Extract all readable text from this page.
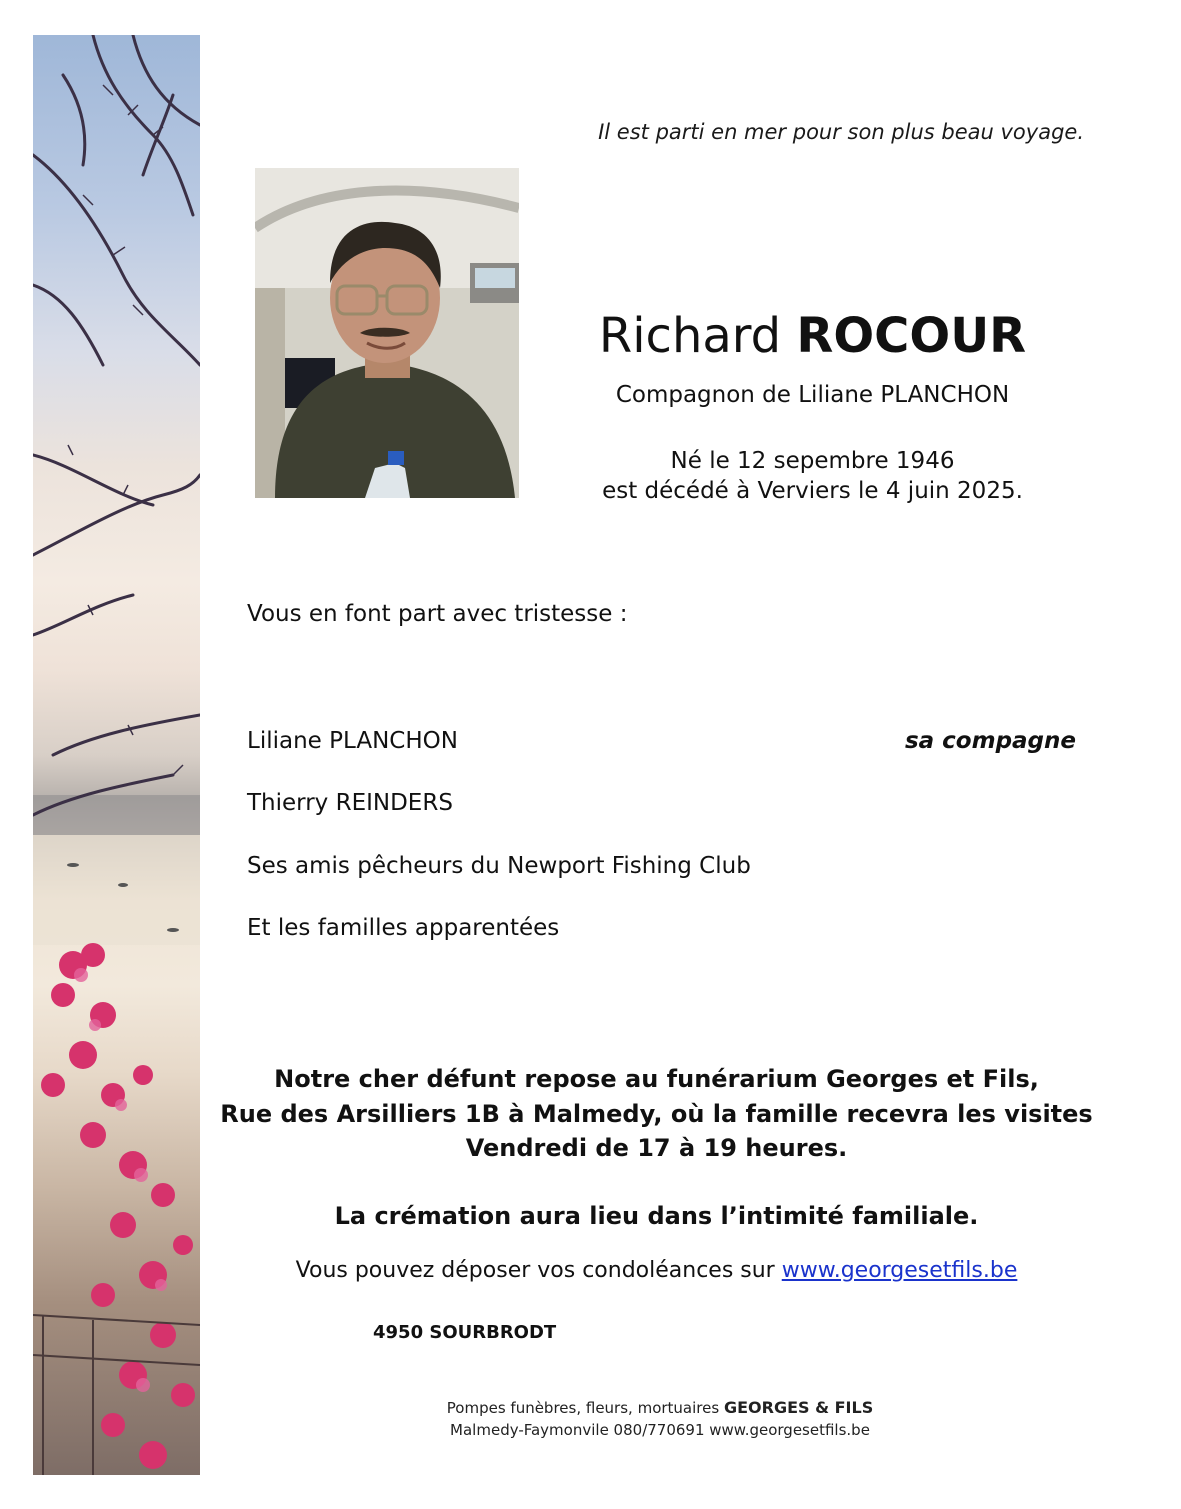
Il est parti en mer pour son plus beau voyage.
Richard ROCOUR
Compagnon de Liliane PLANCHON
Né le 12 sepembre 1946
est décédé à Verviers le 4 juin 2025.
Vous en font part avec tristesse :
Liliane PLANCHON	sa compagne
Thierry REINDERS
Ses amis pêcheurs du Newport Fishing Club
Et les familles apparentées
Notre cher défunt repose au funérarium Georges et Fils,
Rue des Arsilliers 1B à Malmedy, où la famille recevra les visites
Vendredi de 17 à 19 heures.
La crémation aura lieu dans l’intimité familiale.
Vous pouvez déposer vos condoléances sur www.georgesetfils.be
4950 SOURBRODT
Pompes funèbres, fleurs, mortuaires GEORGES & FILS
Malmedy-Faymonvile 080/770691 www.georgesetfils.be
